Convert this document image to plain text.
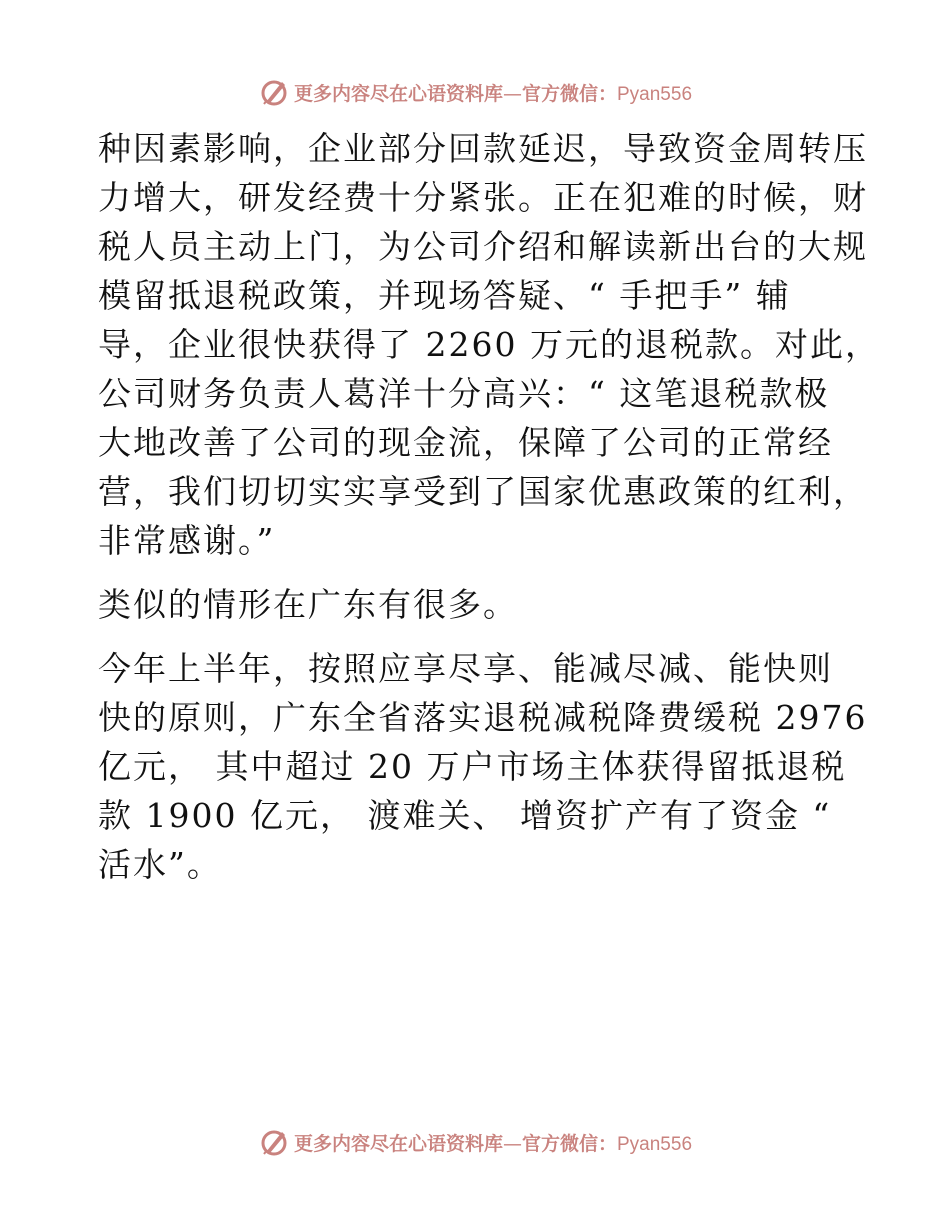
更多内容尽在心语资料库—官方微信：Pyan556
种因素影响，企业部分回款延迟，导致资金周转压
力增大，研发经费十分紧张。正在犯难的时候，财
税人员主动上门，为公司介绍和解读新出台的大规
模留抵退税政策，并现场答疑、“ 手把手” 辅
导，企业很快获得了 2260 万元的退税款。对此，
公司财务负责人葛洋十分高兴：“ 这笔退税款极
大地改善了公司的现金流，保障了公司的正常经
营，我们切切实实享受到了国家优惠政策的红利，
非常感谢。”
类似的情形在广东有很多。
今年上半年，按照应享尽享、能减尽减、能快则
快的原则，广东全省落实退税减税降费缓税 2976
亿元， 其中超过 20 万户市场主体获得留抵退税
款 1900 亿元， 渡难关、 增资扩产有了资金 “
活水”。
更多内容尽在心语资料库—官方微信：Pyan556
